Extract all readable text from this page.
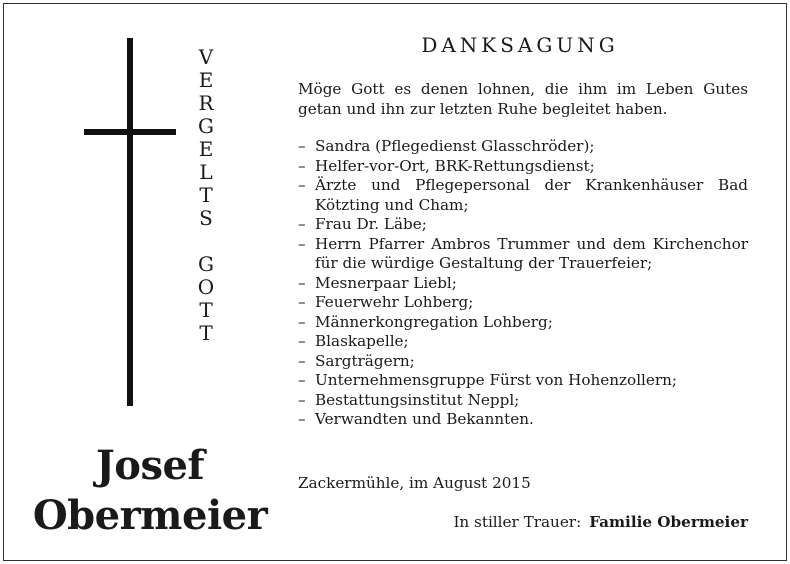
V
E
R
G
E
L
T
S
G
O
T
T
Josef
Obermeier
DANKSAGUNG
Möge Gott es denen lohnen, die ihm im Leben Gutes getan und ihn zur letzten Ruhe begleitet haben.
– Sandra (Pflegedienst Glasschröder);
– Helfer-vor-Ort, BRK-Rettungsdienst;
– Ärzte und Pflegepersonal der Krankenhäuser Bad Kötzting und Cham;
– Frau Dr. Läbe;
– Herrn Pfarrer Ambros Trummer und dem Kirchenchor für die würdige Gestaltung der Trauerfeier;
– Mesnerpaar Liebl;
– Feuerwehr Lohberg;
– Männerkongregation Lohberg;
– Blaskapelle;
– Sargträgern;
– Unternehmensgruppe Fürst von Hohenzollern;
– Bestattungsinstitut Neppl;
– Verwandten und Bekannten.
Zackermühle, im August 2015
In stiller Trauer: Familie Obermeier
